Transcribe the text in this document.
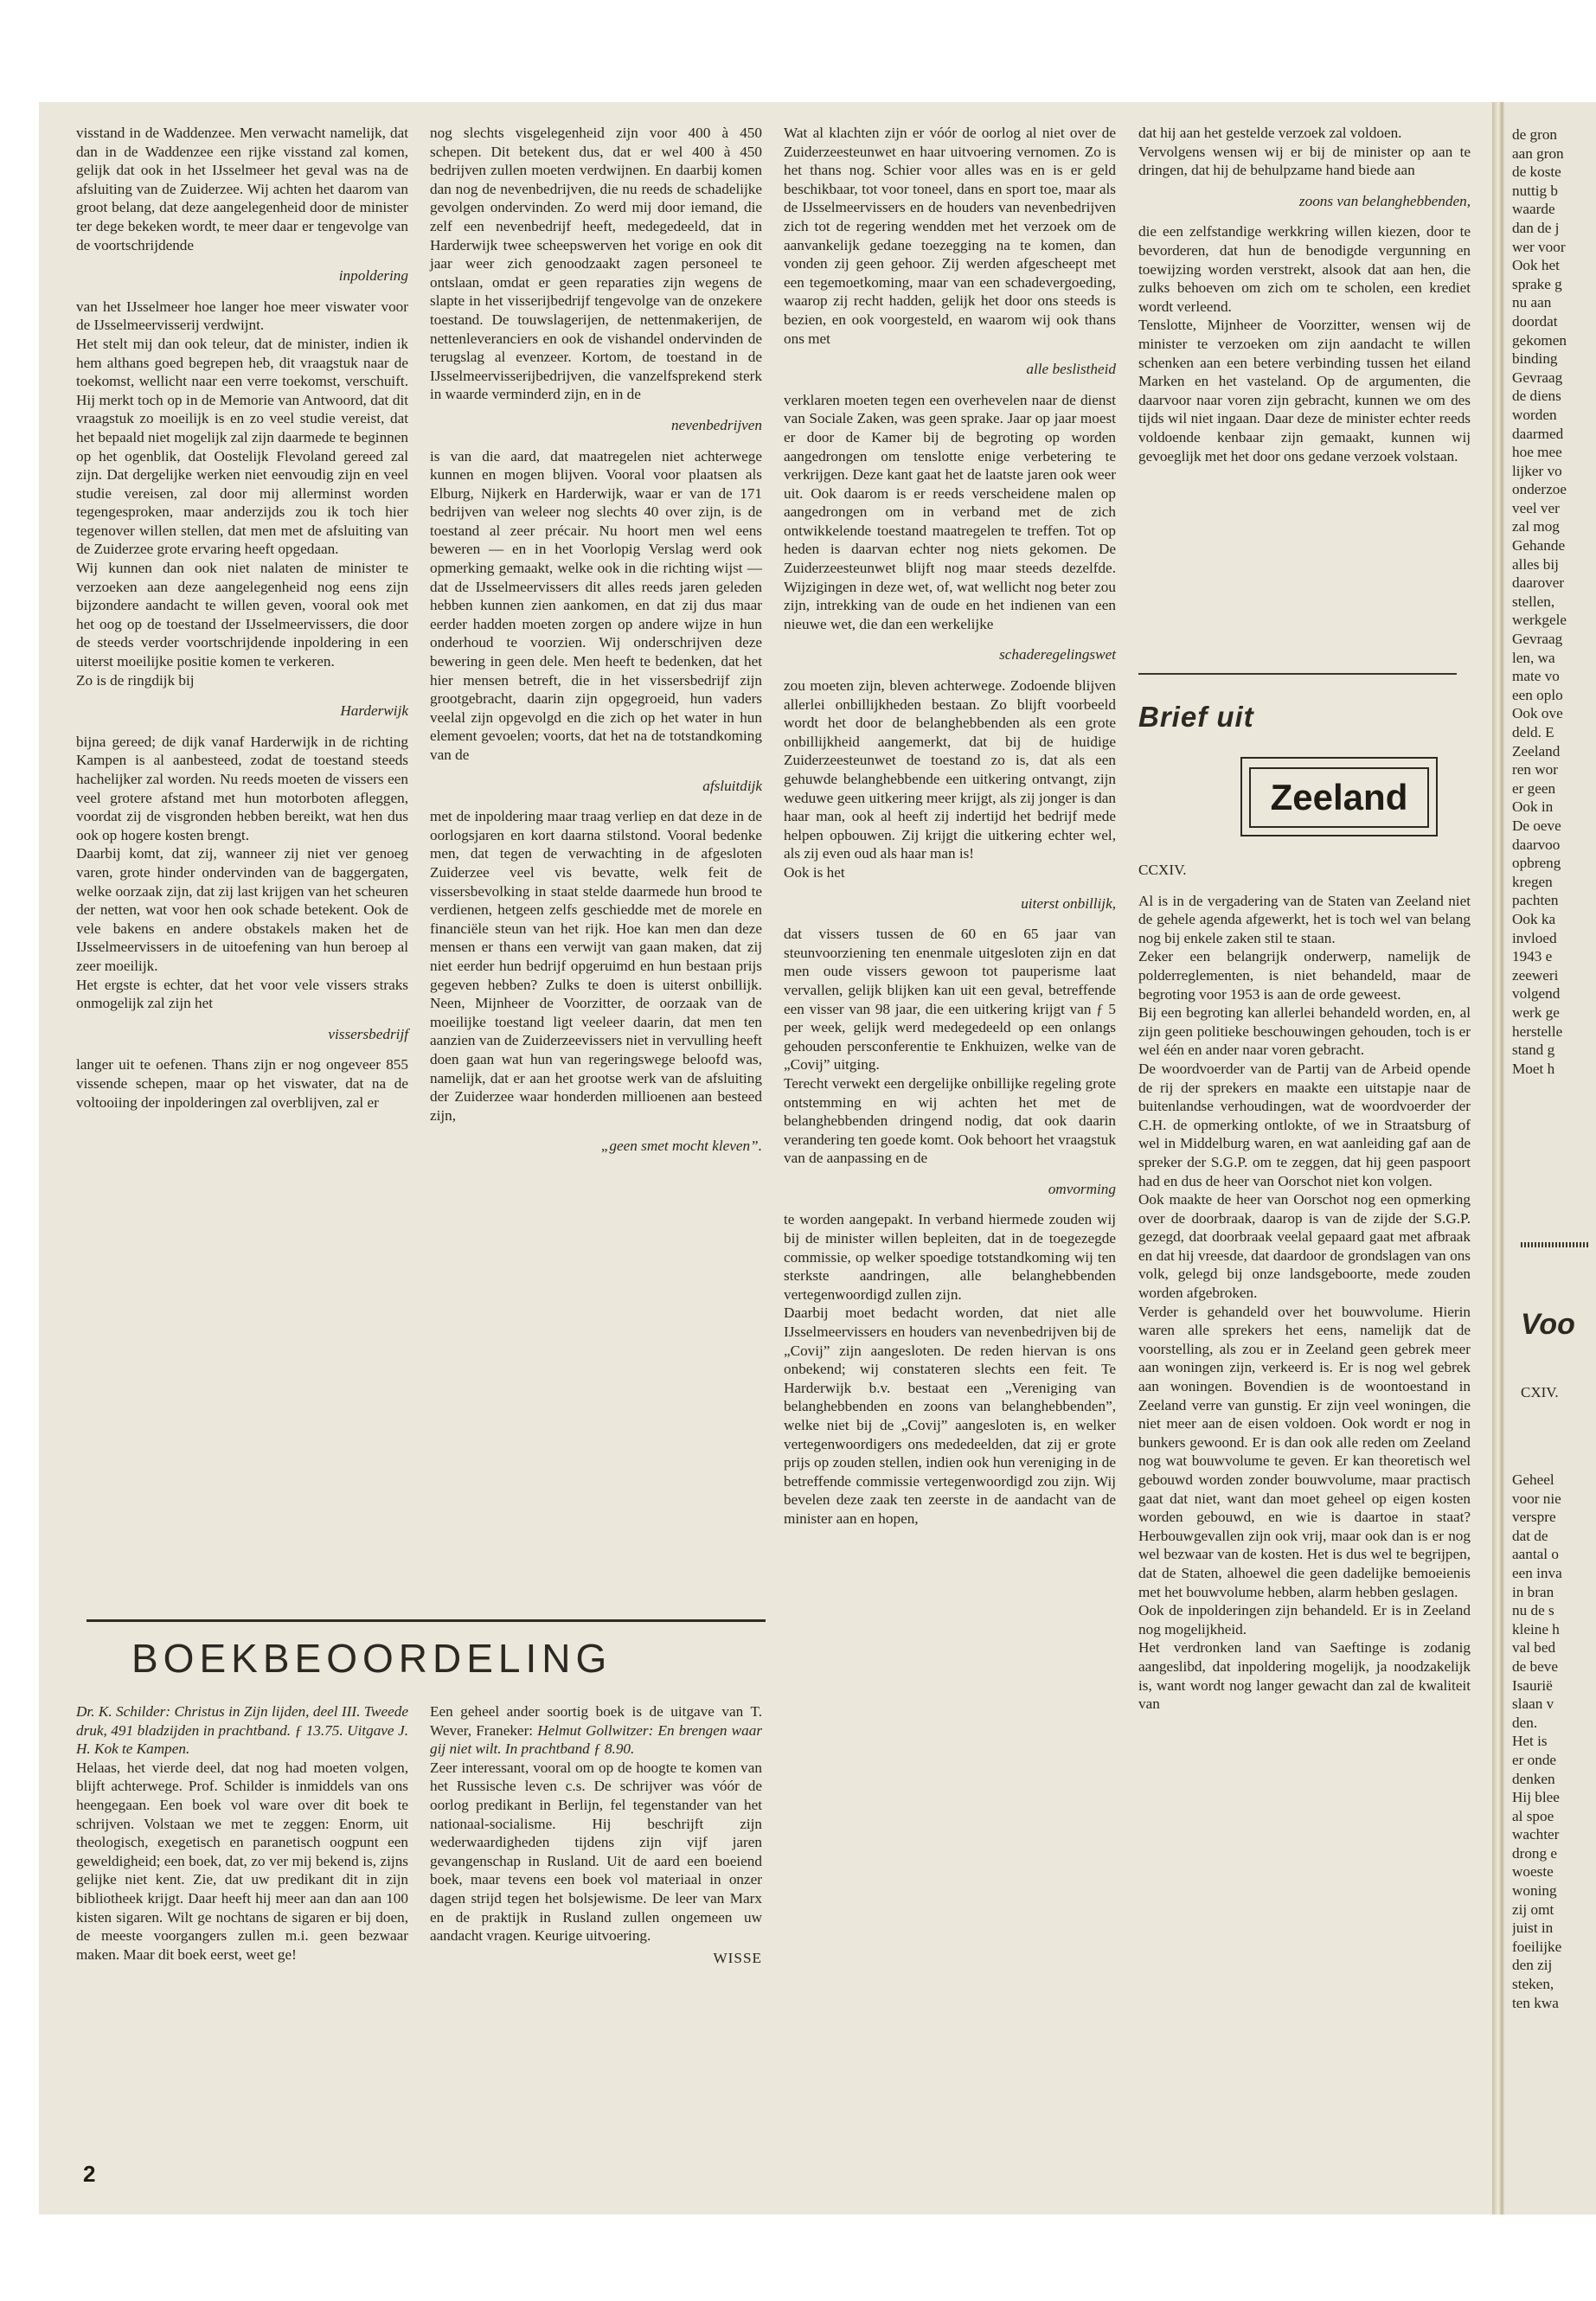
visstand in de Waddenzee. Men verwacht namelijk, dat dan in de Waddenzee een rijke visstand zal komen, gelijk dat ook in het IJsselmeer het geval was na de afsluiting van de Zuiderzee. Wij achten het daarom van groot belang, dat deze aangelegenheid door de minister ter dege bekeken wordt, te meer daar er tengevolge van de voortschrijdende

inpoldering

van het IJsselmeer hoe langer hoe meer viswater voor de IJsselmeervisserij verdwijnt.

Het stelt mij dan ook teleur, dat de minister, indien ik hem althans goed begrepen heb, dit vraagstuk naar de toekomst, wellicht naar een verre toekomst, verschuift. Hij merkt toch op in de Memorie van Antwoord, dat dit vraagstuk zo moeilijk is en zo veel studie vereist, dat het bepaald niet mogelijk zal zijn daarmede te beginnen op het ogenblik, dat Oostelijk Flevoland gereed zal zijn. Dat dergelijke werken niet eenvoudig zijn en veel studie vereisen, zal door mij allerminst worden tegengesproken, maar anderzijds zou ik toch hier tegenover willen stellen, dat men met de afsluiting van de Zuiderzee grote ervaring heeft opgedaan.

Wij kunnen dan ook niet nalaten de minister te verzoeken aan deze aangelegenheid nog eens zijn bijzondere aandacht te willen geven, vooral ook met het oog op de toestand der IJsselmeervissers, die door de steeds verder voortschrijdende inpoldering in een uiterst moeilijke positie komen te verkeren.

Zo is de ringdijk bij

Harderwijk

bijna gereed; de dijk vanaf Harderwijk in de richting Kampen is al aanbesteed, zodat de toestand steeds hachelijker zal worden. Nu reeds moeten de vissers een veel grotere afstand met hun motorboten afleggen, voordat zij de visgronden hebben bereikt, wat hen dus ook op hogere kosten brengt.

Daarbij komt, dat zij, wanneer zij niet ver genoeg varen, grote hinder ondervinden van de baggergaten, welke oorzaak zijn, dat zij last krijgen van het scheuren der netten, wat voor hen ook schade betekent. Ook de vele bakens en andere obstakels maken het de IJsselmeervissers in de uitoefening van hun beroep al zeer moeilijk.

Het ergste is echter, dat het voor vele vissers straks onmogelijk zal zijn het

vissersbedrijf

langer uit te oefenen. Thans zijn er nog ongeveer 855 vissende schepen, maar op het viswater, dat na de voltooiing der inpolderingen zal overblijven, zal er

nog slechts visgelegenheid zijn voor 400 à 450 schepen. Dit betekent dus, dat er wel 400 à 450 bedrijven zullen moeten verdwijnen. En daarbij komen dan nog de nevenbedrijven, die nu reeds de schadelijke gevolgen ondervinden. Zo werd mij door iemand, die zelf een nevenbedrijf heeft, medegedeeld, dat in Harderwijk twee scheepswerven het vorige en ook dit jaar weer zich genoodzaakt zagen personeel te ontslaan, omdat er geen reparaties zijn wegens de slapte in het visserijbedrijf tengevolge van de onzekere toestand. De touwslagerijen, de nettenmakerijen, de nettenleveranciers en ook de vishandel ondervinden de terugslag al evenzeer. Kortom, de toestand in de IJsselmeervisserijbedrijven, die vanzelfsprekend sterk in waarde verminderd zijn, en in de

nevenbedrijven

is van die aard, dat maatregelen niet achterwege kunnen en mogen blijven. Vooral voor plaatsen als Elburg, Nijkerk en Harderwijk, waar er van de 171 bedrijven van weleer nog slechts 40 over zijn, is de toestand al zeer précair. Nu hoort men wel eens beweren — en in het Voorlopig Verslag werd ook opmerking gemaakt, welke ook in die richting wijst — dat de IJsselmeervissers dit alles reeds jaren geleden hebben kunnen zien aankomen, en dat zij dus maar eerder hadden moeten zorgen op andere wijze in hun onderhoud te voorzien. Wij onderschrijven deze bewering in geen dele. Men heeft te bedenken, dat het hier mensen betreft, die in het vissersbedrijf zijn grootgebracht, daarin zijn opgegroeid, hun vaders veelal zijn opgevolgd en die zich op het water in hun element gevoelen; voorts, dat het na de totstandkoming van de

afsluitdijk

met de inpoldering maar traag verliep en dat deze in de oorlogsjaren en kort daarna stilstond. Vooral bedenke men, dat tegen de verwachting in de afgesloten Zuiderzee veel vis bevatte, welk feit de vissersbevolking in staat stelde daarmede hun brood te verdienen, hetgeen zelfs geschiedde met de morele en financiële steun van het rijk. Hoe kan men dan deze mensen er thans een verwijt van gaan maken, dat zij niet eerder hun bedrijf opgeruimd en hun bestaan prijs gegeven hebben? Zulks te doen is uiterst onbillijk. Neen, Mijnheer de Voorzitter, de oorzaak van de moeilijke toestand ligt veeleer daarin, dat men ten aanzien van de Zuiderzeevissers niet in vervulling heeft doen gaan wat hun van regeringswege beloofd was, namelijk, dat er aan het grootse werk van de afsluiting der Zuiderzee waar honderden millioenen aan besteed zijn,

„geen smet mocht kleven”.

Wat al klachten zijn er vóór de oorlog al niet over de Zuiderzeesteunwet en haar uitvoering vernomen. Zo is het thans nog. Schier voor alles was en is er geld beschikbaar, tot voor toneel, dans en sport toe, maar als de IJsselmeervissers en de houders van nevenbedrijven zich tot de regering wendden met het verzoek om de aanvankelijk gedane toezegging na te komen, dan vonden zij geen gehoor. Zij werden afgescheept met een tegemoetkoming, maar van een schadevergoeding, waarop zij recht hadden, gelijk het door ons steeds is bezien, en ook voorgesteld, en waarom wij ook thans ons met

alle beslistheid

verklaren moeten tegen een overhevelen naar de dienst van Sociale Zaken, was geen sprake. Jaar op jaar moest er door de Kamer bij de begroting op worden aangedrongen om tenslotte enige verbetering te verkrijgen. Deze kant gaat het de laatste jaren ook weer uit. Ook daarom is er reeds verscheidene malen op aangedrongen om in verband met de zich ontwikkelende toestand maatregelen te treffen. Tot op heden is daarvan echter nog niets gekomen. De Zuiderzeesteunwet blijft nog maar steeds dezelfde. Wijzigingen in deze wet, of, wat wellicht nog beter zou zijn, intrekking van de oude en het indienen van een nieuwe wet, die dan een werkelijke

schaderegelingswet

zou moeten zijn, bleven achterwege. Zodoende blijven allerlei onbillijkheden bestaan. Zo blijft voorbeeld wordt het door de belanghebbenden als een grote onbillijkheid aangemerkt, dat bij de huidige Zuiderzeesteunwet de toestand zo is, dat als een gehuwde belanghebbende een uitkering ontvangt, zijn weduwe geen uitkering meer krijgt, als zij jonger is dan haar man, ook al heeft zij indertijd het bedrijf mede helpen opbouwen. Zij krijgt die uitkering echter wel, als zij even oud als haar man is!

Ook is het

uiterst onbillijk,

dat vissers tussen de 60 en 65 jaar van steunvoorziening ten enenmale uitgesloten zijn en dat men oude vissers gewoon tot pauperisme laat vervallen, gelijk blijken kan uit een geval, betreffende een visser van 98 jaar, die een uitkering krijgt van ƒ 5 per week, gelijk werd medegedeeld op een onlangs gehouden persconferentie te Enkhuizen, welke van de „Covij” uitging.

Terecht verwekt een dergelijke onbillijke regeling grote ontstemming en wij achten het met de belanghebbenden dringend nodig, dat ook daarin verandering ten goede komt. Ook behoort het vraagstuk van de aanpassing en de

omvorming

te worden aangepakt. In verband hiermede zouden wij bij de minister willen bepleiten, dat in de toegezegde commissie, op welker spoedige totstandkoming wij ten sterkste aandringen, alle belanghebbenden vertegenwoordigd zullen zijn.

Daarbij moet bedacht worden, dat niet alle IJsselmeervissers en houders van nevenbedrijven bij de „Covij” zijn aangesloten. De reden hiervan is ons onbekend; wij constateren slechts een feit. Te Harderwijk b.v. bestaat een „Vereniging van belanghebbenden en zoons van belanghebbenden”, welke niet bij de „Covij” aangesloten is, en welker vertegenwoordigers ons mededeelden, dat zij er grote prijs op zouden stellen, indien ook hun vereniging in de betreffende commissie vertegenwoordigd zou zijn. Wij bevelen deze zaak ten zeerste in de aandacht van de minister aan en hopen,

dat hij aan het gestelde verzoek zal voldoen.

Vervolgens wensen wij er bij de minister op aan te dringen, dat hij de behulpzame hand biede aan

zoons van belanghebbenden,

die een zelfstandige werkkring willen kiezen, door te bevorderen, dat hun de benodigde vergunning en toewijzing worden verstrekt, alsook dat aan hen, die zulks behoeven om zich om te scholen, een krediet wordt verleend.

Tenslotte, Mijnheer de Voorzitter, wensen wij de minister te verzoeken om zijn aandacht te willen schenken aan een betere verbinding tussen het eiland Marken en het vasteland. Op de argumenten, die daarvoor naar voren zijn gebracht, kunnen we om des tijds wil niet ingaan. Daar deze de minister echter reeds voldoende kenbaar zijn gemaakt, kunnen wij gevoeglijk met het door ons gedane verzoek volstaan.

Brief uit
Zeeland

CCXIV.

Al is in de vergadering van de Staten van Zeeland niet de gehele agenda afgewerkt, het is toch wel van belang nog bij enkele zaken stil te staan.

Zeker een belangrijk onderwerp, namelijk de polderreglementen, is niet behandeld, maar de begroting voor 1953 is aan de orde geweest.

Bij een begroting kan allerlei behandeld worden, en, al zijn geen politieke beschouwingen gehouden, toch is er wel één en ander naar voren gebracht.

De woordvoerder van de Partij van de Arbeid opende de rij der sprekers en maakte een uitstapje naar de buitenlandse verhoudingen, wat de woordvoerder der C.H. de opmerking ontlokte, of we in Straatsburg of wel in Middelburg waren, en wat aanleiding gaf aan de spreker der S.G.P. om te zeggen, dat hij geen paspoort had en dus de heer van Oorschot niet kon volgen.

Ook maakte de heer van Oorschot nog een opmerking over de doorbraak, daarop is van de zijde der S.G.P. gezegd, dat doorbraak veelal gepaard gaat met afbraak en dat hij vreesde, dat daardoor de grondslagen van ons volk, gelegd bij onze landsgeboorte, mede zouden worden afgebroken.

Verder is gehandeld over het bouwvolume. Hierin waren alle sprekers het eens, namelijk dat de voorstelling, als zou er in Zeeland geen gebrek meer aan woningen zijn, verkeerd is. Er is nog wel gebrek aan woningen. Bovendien is de woontoestand in Zeeland verre van gunstig. Er zijn veel woningen, die niet meer aan de eisen voldoen. Ook wordt er nog in bunkers gewoond. Er is dan ook alle reden om Zeeland nog wat bouwvolume te geven. Er kan theoretisch wel gebouwd worden zonder bouwvolume, maar practisch gaat dat niet, want dan moet geheel op eigen kosten worden gebouwd, en wie is daartoe in staat? Herbouwgevallen zijn ook vrij, maar ook dan is er nog wel bezwaar van de kosten. Het is dus wel te begrijpen, dat de Staten, alhoewel die geen dadelijke bemoeienis met het bouwvolume hebben, alarm hebben geslagen.

Ook de inpolderingen zijn behandeld. Er is in Zeeland nog mogelijkheid.

Het verdronken land van Saeftinge is zodanig aangeslibd, dat inpoldering mogelijk, ja noodzakelijk is, want wordt nog langer gewacht dan zal de kwaliteit van

BOEKBEOORDELING

Dr. K. Schilder: Christus in Zijn lijden, deel III. Tweede druk, 491 bladzijden in prachtband. ƒ 13.75. Uitgave J. H. Kok te Kampen.

Helaas, het vierde deel, dat nog had moeten volgen, blijft achterwege. Prof. Schilder is inmiddels van ons heengegaan. Een boek vol ware over dit boek te schrijven. Volstaan we met te zeggen: Enorm, uit theologisch, exegetisch en paranetisch oogpunt een geweldigheid; een boek, dat, zo ver mij bekend is, zijns gelijke niet kent. Zie, dat uw predikant dit in zijn bibliotheek krijgt. Daar heeft hij meer aan dan aan 100 kisten sigaren. Wilt ge nochtans de sigaren er bij doen, de meeste voorgangers zullen m.i. geen bezwaar maken. Maar dit boek eerst, weet ge!

Een geheel ander soortig boek is de uitgave van T. Wever, Franeker: Helmut Gollwitzer: En brengen waar gij niet wilt. In prachtband ƒ 8.90.

Zeer interessant, vooral om op de hoogte te komen van het Russische leven c.s. De schrijver was vóór de oorlog predikant in Berlijn, fel tegenstander van het nationaal-socialisme. Hij beschrijft zijn wederwaardigheden tijdens zijn vijf jaren gevangenschap in Rusland. Uit de aard een boeiend boek, maar tevens een boek vol materiaal in onzer dagen strijd tegen het bolsjewisme. De leer van Marx en de praktijk in Rusland zullen ongemeen uw aandacht vragen. Keurige uitvoering.

WISSE

2
de gron
aan gron
de koste
nuttig b
waarde
dan de j
wer voor
Ook het
sprake g
nu aan
doordat
gekomen
binding
Gevraag
de diens
worden
daarmed
hoe mee
lijker vo
onderzoe
veel ver
zal mog
Gehande
alles bij
daarover
stellen,
werkgele
Gevraag
len, wa
mate vo
een oplo
Ook ove
deld. E
Zeeland
ren wor
er geen
Ook in
De oeve
daarvoo
opbreng
kregen
pachten
Ook ka
invloed
1943 e
zeeweri
volgend
werk ge
herstelle
stand g
Moet h
Voo
CXIV.
Geheel
voor nie
verspre
dat de
aantal o
een inva
in bran
nu de s
kleine h
val bed
de beve
Isaurië
slaan v
den.
Het is
er onde
denken
Hij blee
al spoe
wachter
drong e
woeste
woning
zij omt
juist in
foeilijke
den zij
steken,
ten kwa
